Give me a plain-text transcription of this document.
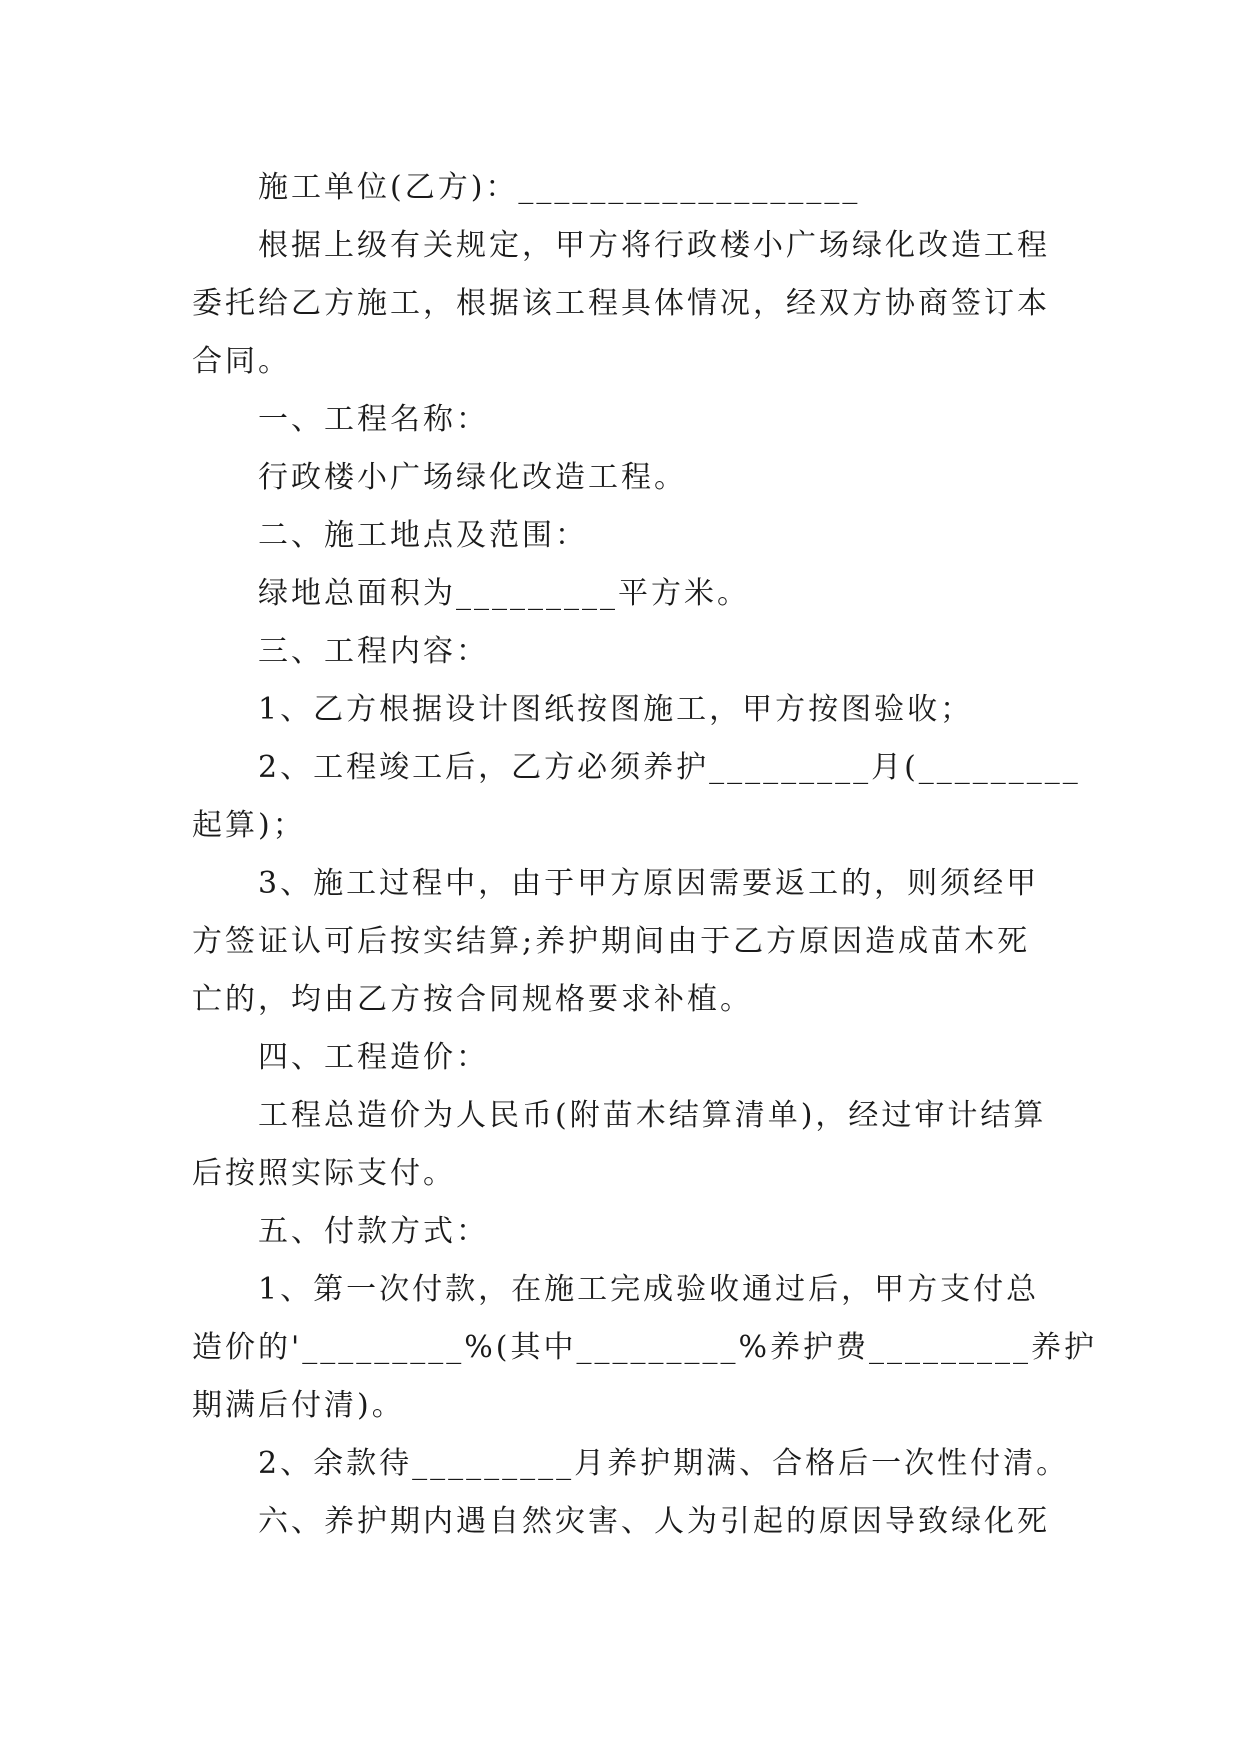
施工单位(乙方)：___________________
根据上级有关规定，甲方将行政楼小广场绿化改造工程
委托给乙方施工，根据该工程具体情况，经双方协商签订本
合同。
一、工程名称：
行政楼小广场绿化改造工程。
二、施工地点及范围：
绿地总面积为_________平方米。
三、工程内容：
1、乙方根据设计图纸按图施工，甲方按图验收；
2、工程竣工后，乙方必须养护_________月(_________
起算)；
3、施工过程中，由于甲方原因需要返工的，则须经甲
方签证认可后按实结算;养护期间由于乙方原因造成苗木死
亡的，均由乙方按合同规格要求补植。
四、工程造价：
工程总造价为人民币(附苗木结算清单)，经过审计结算
后按照实际支付。
五、付款方式：
1、第一次付款，在施工完成验收通过后，甲方支付总
造价的'_________%(其中_________%养护费_________养护
期满后付清)。
2、余款待_________月养护期满、合格后一次性付清。
六、养护期内遇自然灾害、人为引起的原因导致绿化死
